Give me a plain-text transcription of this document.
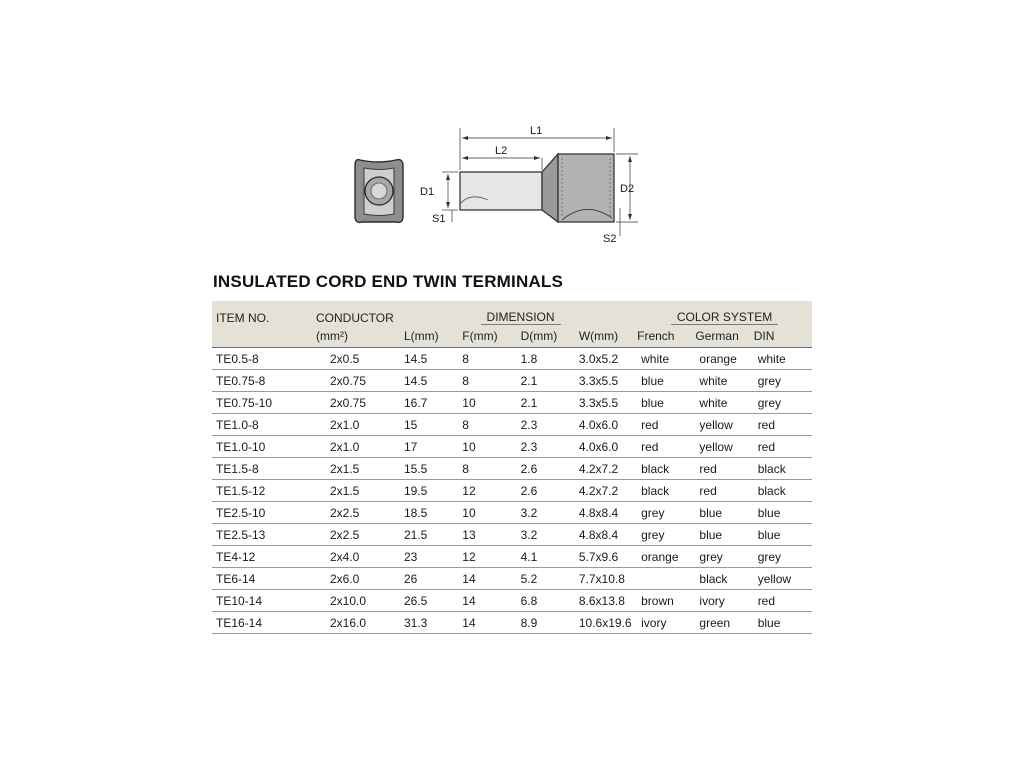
L1
L2
D1	D2
S1
S2
INSULATED CORD END TWIN TERMINALS
ITEM NO.	CONDUCTOR	DIMENSION				COLOR SYSTEM		
	(mm²)	L(mm)	F(mm)	D(mm)	W(mm)	French	German	DIN
TE0.5-8	2x0.5	14.5	8	1.8	3.0x5.2	white	orange	white
TE0.75-8	2x0.75	14.5	8	2.1	3.3x5.5	blue	white	grey
TE0.75-10	2x0.75	16.7	10	2.1	3.3x5.5	blue	white	grey
TE1.0-8	2x1.0	15	8	2.3	4.0x6.0	red	yellow	red
TE1.0-10	2x1.0	17	10	2.3	4.0x6.0	red	yellow	red
TE1.5-8	2x1.5	15.5	8	2.6	4.2x7.2	black	red	black
TE1.5-12	2x1.5	19.5	12	2.6	4.2x7.2	black	red	black
TE2.5-10	2x2.5	18.5	10	3.2	4.8x8.4	grey	blue	blue
TE2.5-13	2x2.5	21.5	13	3.2	4.8x8.4	grey	blue	blue
TE4-12	2x4.0	23	12	4.1	5.7x9.6	orange	grey	grey
TE6-14	2x6.0	26	14	5.2	7.7x10.8		black	yellow
TE10-14	2x10.0	26.5	14	6.8	8.6x13.8	brown	ivory	red
TE16-14	2x16.0	31.3	14	8.9	10.6x19.6	ivory	green	blue
